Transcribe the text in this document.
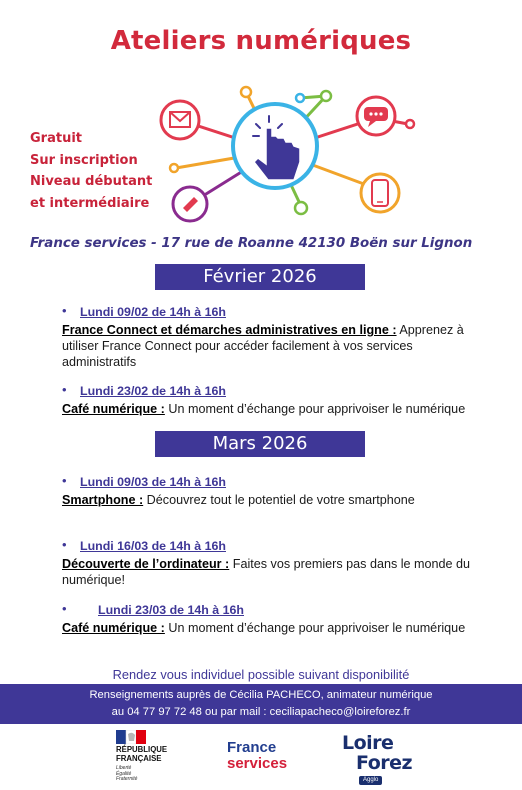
Ateliers numériques
Gratuit
Sur inscription
Niveau débutant
et intermédiaire
France services - 17 rue de Roanne 42130 Boën sur Lignon
Février 2026
• Lundi 09/02 de 14h à 16h
France Connect et démarches administratives en ligne : Apprenez à utiliser France Connect pour accéder facilement à vos services administratifs
• Lundi 23/02 de 14h à 16h
Café numérique : Un moment d’échange pour apprivoiser le numérique
Mars 2026
• Lundi 09/03 de 14h à 16h
Smartphone : Découvrez tout le potentiel de votre smartphone
• Lundi 16/03 de 14h à 16h
Découverte de l’ordinateur : Faites vos premiers pas dans le monde du numérique!
•	Lundi 23/03 de 14h à 16h
Café numérique : Un moment d’échange pour apprivoiser le numérique
Rendez vous individuel possible suivant disponibilité
Renseignements auprès de Cécilia PACHECO, animateur numérique
au 04 77 97 72 48 ou par mail : ceciliapacheco@loireforez.fr
RÉPUBLIQUE
FRANÇAISE
Liberté
Égalité
Fraternité
France
services
Loire
Forez
Agglo
